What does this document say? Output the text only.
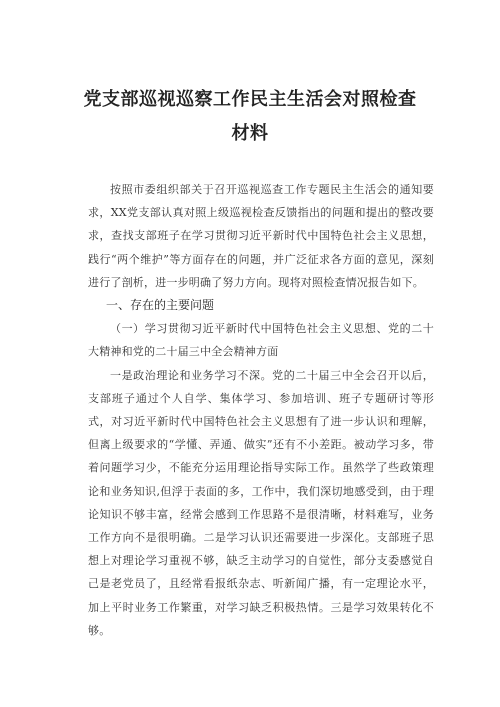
党支部巡视巡察工作民主生活会对照检查
材料

按照市委组织部关于召开巡视巡查工作专题民主生活会的通知要求，XX党支部认真对照上级巡视检查反馈指出的问题和提出的整改要求，查找支部班子在学习贯彻习近平新时代中国特色社会主义思想，践行“两个维护”等方面存在的问题，并广泛征求各方面的意见，深刻进行了剖析，进一步明确了努力方向。现将对照检查情况报告如下。

一、存在的主要问题

（一）学习贯彻习近平新时代中国特色社会主义思想、党的二十大精神和党的二十届三中全会精神方面

一是政治理论和业务学习不深。党的二十届三中全会召开以后，支部班子通过个人自学、集体学习、参加培训、班子专题研讨等形式，对习近平新时代中国特色社会主义思想有了进一步认识和理解，但离上级要求的“学懂、弄通、做实”还有不小差距。被动学习多，带着问题学习少，不能充分运用理论指导实际工作。虽然学了些政策理论和业务知识,但浮于表面的多，工作中，我们深切地感受到，由于理论知识不够丰富，经常会感到工作思路不是很清晰，材料难写，业务工作方向不是很明确。二是学习认识还需要进一步深化。支部班子思想上对理论学习重视不够，缺乏主动学习的自觉性，部分支委感觉自己是老党员了，且经常看报纸杂志、听新闻广播，有一定理论水平，加上平时业务工作繁重，对学习缺乏积极热情。三是学习效果转化不够。
